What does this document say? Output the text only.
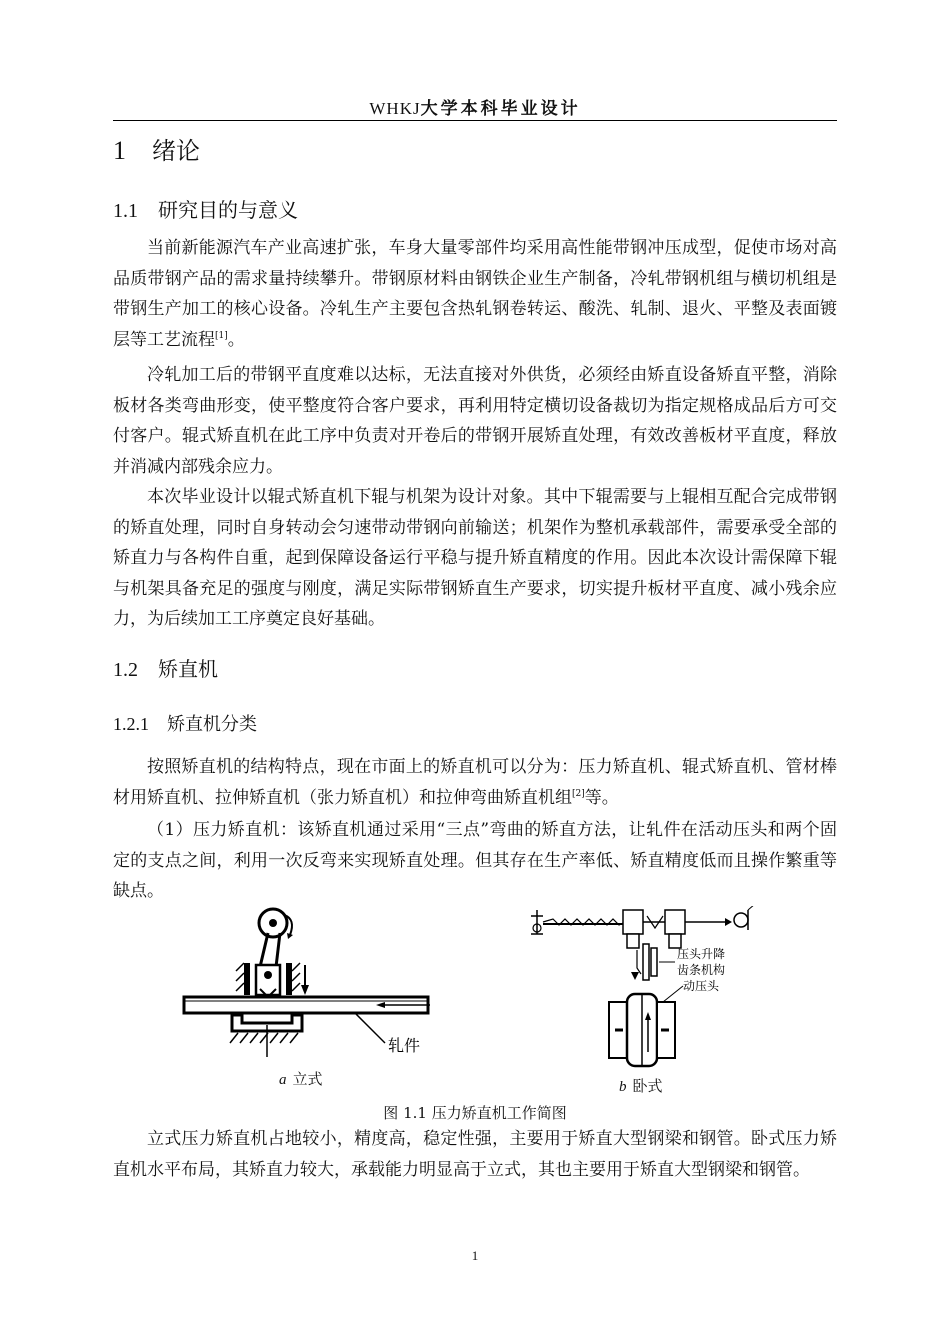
WHKJ大学本科毕业设计
1 绪论
1.1 研究目的与意义

当前新能源汽车产业高速扩张，车身大量零部件均采用高性能带钢冲压成型，促使市场对高品质带钢产品的需求量持续攀升。带钢原材料由钢铁企业生产制备，冷轧带钢机组与横切机组是带钢生产加工的核心设备。冷轧生产主要包含热轧钢卷转运、酸洗、轧制、退火、平整及表面镀层等工艺流程[1]。

冷轧加工后的带钢平直度难以达标，无法直接对外供货，必须经由矫直设备矫直平整，消除板材各类弯曲形变，使平整度符合客户要求，再利用特定横切设备裁切为指定规格成品后方可交付客户。辊式矫直机在此工序中负责对开卷后的带钢开展矫直处理，有效改善板材平直度，释放并消减内部残余应力。

本次毕业设计以辊式矫直机下辊与机架为设计对象。其中下辊需要与上辊相互配合完成带钢的矫直处理，同时自身转动会匀速带动带钢向前输送；机架作为整机承载部件，需要承受全部的矫直力与各构件自重，起到保障设备运行平稳与提升矫直精度的作用。因此本次设计需保障下辊与机架具备充足的强度与刚度，满足实际带钢矫直生产要求，切实提升板材平直度、减小残余应力，为后续加工工序奠定良好基础。

1.2 矫直机
1.2.1 矫直机分类

按照矫直机的结构特点，现在市面上的矫直机可以分为：压力矫直机、辊式矫直机、管材棒材用矫直机、拉伸矫直机（张力矫直机）和拉伸弯曲矫直机组[2]等。

（1）压力矫直机：该矫直机通过采用“三点”弯曲的矫直方法，让轧件在活动压头和两个固定的支点之间，利用一次反弯来实现矫直处理。但其存在生产率低、矫直精度低而且操作繁重等缺点。

轧件
a 立式
压头升降
齿条机构
动压头
b 卧式
图 1.1 压力矫直机工作简图

立式压力矫直机占地较小，精度高，稳定性强，主要用于矫直大型钢梁和钢管。卧式压力矫直机水平布局，其矫直力较大，承载能力明显高于立式，其也主要用于矫直大型钢梁和钢管。

1
